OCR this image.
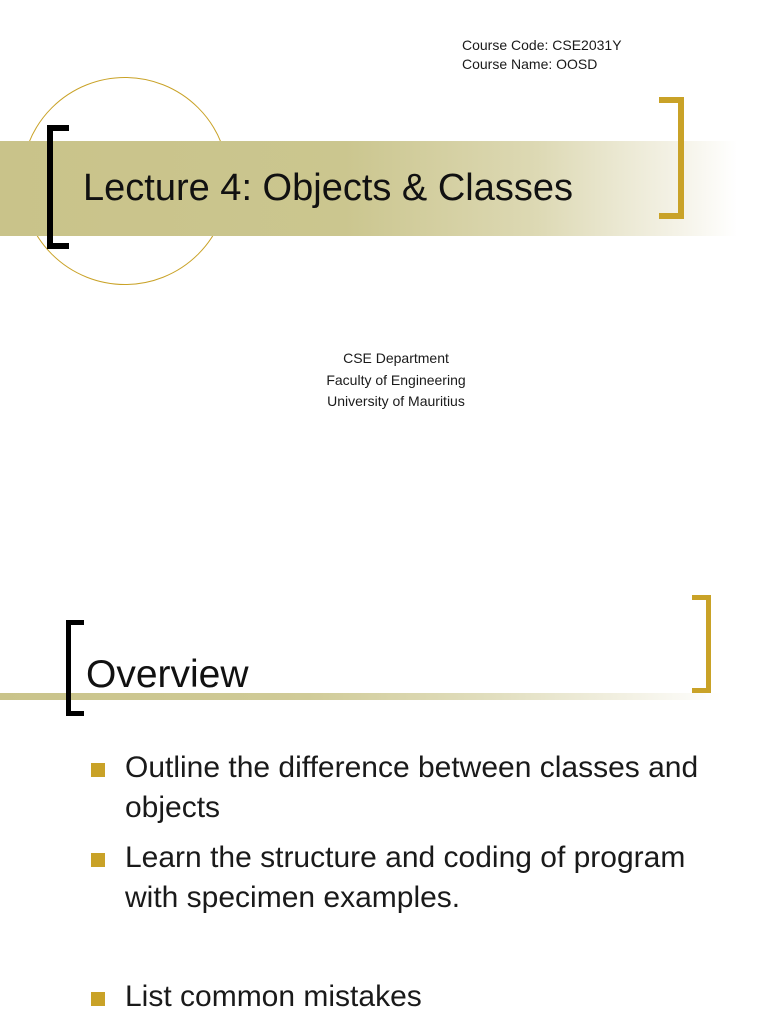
Course Code: CSE2031Y
Course Name: OOSD
Lecture 4: Objects & Classes
CSE Department
Faculty of Engineering
University of Mauritius
Overview
Outline the difference between classes and objects
Learn the structure and coding of program with specimen examples.
List common mistakes
